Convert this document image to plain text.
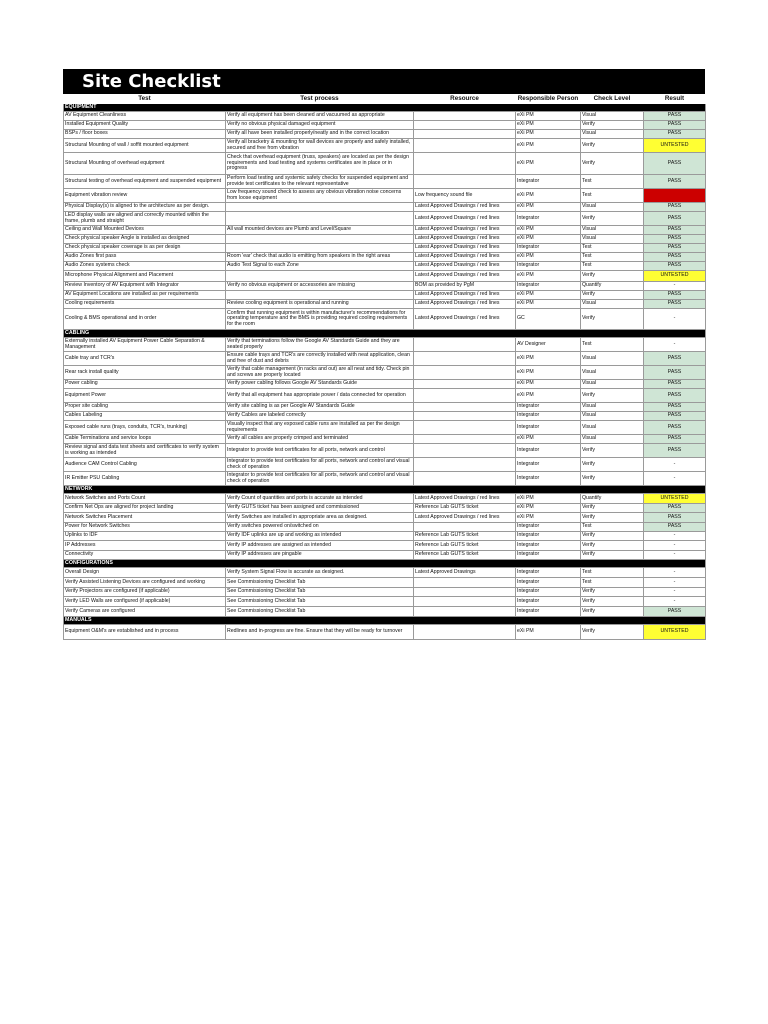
Site Checklist
Test	Test process	Resource	Responsible Person	Check Level	Result
EQUIPMENT					
AV Equipment Cleanliness	Verify all equipment has been cleaned and vacuumed as appropriate		eXi PM	Visual	PASS
Installed Equipment Quality	Verify no obvious physical damaged equipment		eXi PM	Verify	PASS
BSPs / floor boxes	Verify all have been installed properly/neatly and in the correct location		eXi PM	Visual	PASS
Structural Mounting of wall / soffit mounted equipment	Verify all bracketry & mounting for wall devices are properly and safely installed, secured and free from vibration		eXi PM	Verify	UNTESTED
Structural Mounting of overhead equipment	Check that overhead equipment (truss, speakers) are located as per the design requirements and load testing and systems certificates are in place or in progress		eXi PM	Verify	PASS
Structural testing of overhead equipment and suspended equipment	Perform load testing and systemic safety checks for suspended equipment and provide test certificates to the relevant representative		Integrator	Test	PASS
Equipment vibration review	Low frequency sound check to assess any obvious vibration noise concerns from loose equipment	Low frequency sound file	eXi PM	Test	FAIL
Physical Display(s) is aligned to the architecture as per design.		Latest Approved Drawings / red lines	eXi PM	Visual	PASS
LED display walls are aligned and correctly mounted within the frame, plumb and straight		Latest Approved Drawings / red lines	Integrator	Verify	PASS
Ceiling and Wall Mounted Devices	All wall mounted devices are Plumb and Level/Square	Latest Approved Drawings / red lines	eXi PM	Visual	PASS
Check physical speaker Angle is installed as designed		Latest Approved Drawings / red lines	eXi PM	Visual	PASS
Check physical speaker coverage is as per design		Latest Approved Drawings / red lines	Integrator	Test	PASS
Audio Zones first pass	Room 'ear' check that audio is emitting from speakers in the right areas	Latest Approved Drawings / red lines	eXi PM	Test	PASS
Audio Zones systems check	Audio Test Signal to each Zone	Latest Approved Drawings / red lines	Integrator	Test	PASS
Microphone Physical Alignment and Placement		Latest Approved Drawings / red lines	eXi PM	Verify	UNTESTED
Review Inventory of AV Equipment with Integrator	Verify no obvious equipment or accessories are missing	BOM as provided by PgM	Integrator	Quantify	-
AV Equipment Locations are installed as per requirements		Latest Approved Drawings / red lines	eXi PM	Verify	PASS
Cooling requirements	Review cooling equipment is operational and running	Latest Approved Drawings / red lines	eXi PM	Visual	PASS
Cooling & BMS operational and in order	Confirm that running equipment is within manufacturer's recommendations for operating temperature and the BMS is providing required cooling requirements for the room	Latest Approved Drawings / red lines	GC	Verify	-
CABLING					
Externally installed AV Equipment Power Cable Separation & Management	Verify that terminations follow the Google AV Standards Guide and they are seated properly		AV Designer	Test	-
Cable tray and TCR's	Ensure cable trays and TCR's are correctly installed with neat application, clean and free of dust and debris		eXi PM	Visual	PASS
Rear rack install quality	Verify that cable management (in racks and out) are all neat and tidy. Check pin and screws are properly located		eXi PM	Visual	PASS
Power cabling	Verify power cabling follows Google AV Standards Guide		eXi PM	Visual	PASS
Equipment Power	Verify that all equipment has appropriate power / data connected for operation		eXi PM	Verify	PASS
Proper site cabling	Verify site cabling is as per Google AV Standards Guide		Integrator	Visual	PASS
Cables Labeling	Verify Cables are labeled correctly		Integrator	Visual	PASS
Exposed cable runs (trays, conduits, TCR's, trunking)	Visually inspect that any exposed cable runs are installed as per the design requirements		Integrator	Visual	PASS
Cable Terminations and service loops	Verify all cables are properly crimped and terminated		eXi PM	Visual	PASS
Review signal and data test sheets and certificates to verify system is working as intended	Integrator to provide test certificates for all ports, network and control		Integrator	Verify	PASS
Audience CAM Control Cabling	Integrator to provide test certificates for all ports, network and control and visual check of operation		Integrator	Verify	-
IR Emitter PSU Cabling	Integrator to provide test certificates for all ports, network and control and visual check of operation		Integrator	Verify	-
NETWORK					
Network Switches and Ports Count	Verify Count of quantities and ports is accurate as intended	Latest Approved Drawings / red lines	eXi PM	Quantify	UNTESTED
Confirm Net Ops are aligned for project landing	Verify GUTS ticket has been assigned and commissioned	Reference Lab GUTS ticket	eXi PM	Verify	PASS
Network Switches Placement	Verify Switches are installed in appropriate area as designed.	Latest Approved Drawings / red lines	eXi PM	Verify	PASS
Power for Network Switches	Verify switches powered on/switched on		Integrator	Test	PASS
Uplinks to IDF	Verify IDF uplinks are up and working as intended	Reference Lab GUTS ticket	Integrator	Verify	-
IP Addresses	Verify IP addresses are assigned as intended	Reference Lab GUTS ticket	Integrator	Verify	-
Connectivity	Verify IP addresses are pingable	Reference Lab GUTS ticket	Integrator	Verify	-
CONFIGURATIONS					
Overall Design	Verify System Signal Flow is accurate as designed.	Latest Approved Drawings	Integrator	Test	-
Verify Assisted Listening Devices are configured and working	See Commissioning Checklist Tab		Integrator	Test	-
Verify Projectors are configured (if applicable)	See Commissioning Checklist Tab		Integrator	Verify	-
Verify LED Walls are configured (if applicable)	See Commissioning Checklist Tab		Integrator	Verify	-
Verify Cameras are configured	See Commissioning Checklist Tab		Integrator	Verify	PASS
MANUALS					
Equipment O&M's are established and in process	Redlines and in-progress are fine. Ensure that they will be ready for turnover		eXi PM	Verify	UNTESTED
